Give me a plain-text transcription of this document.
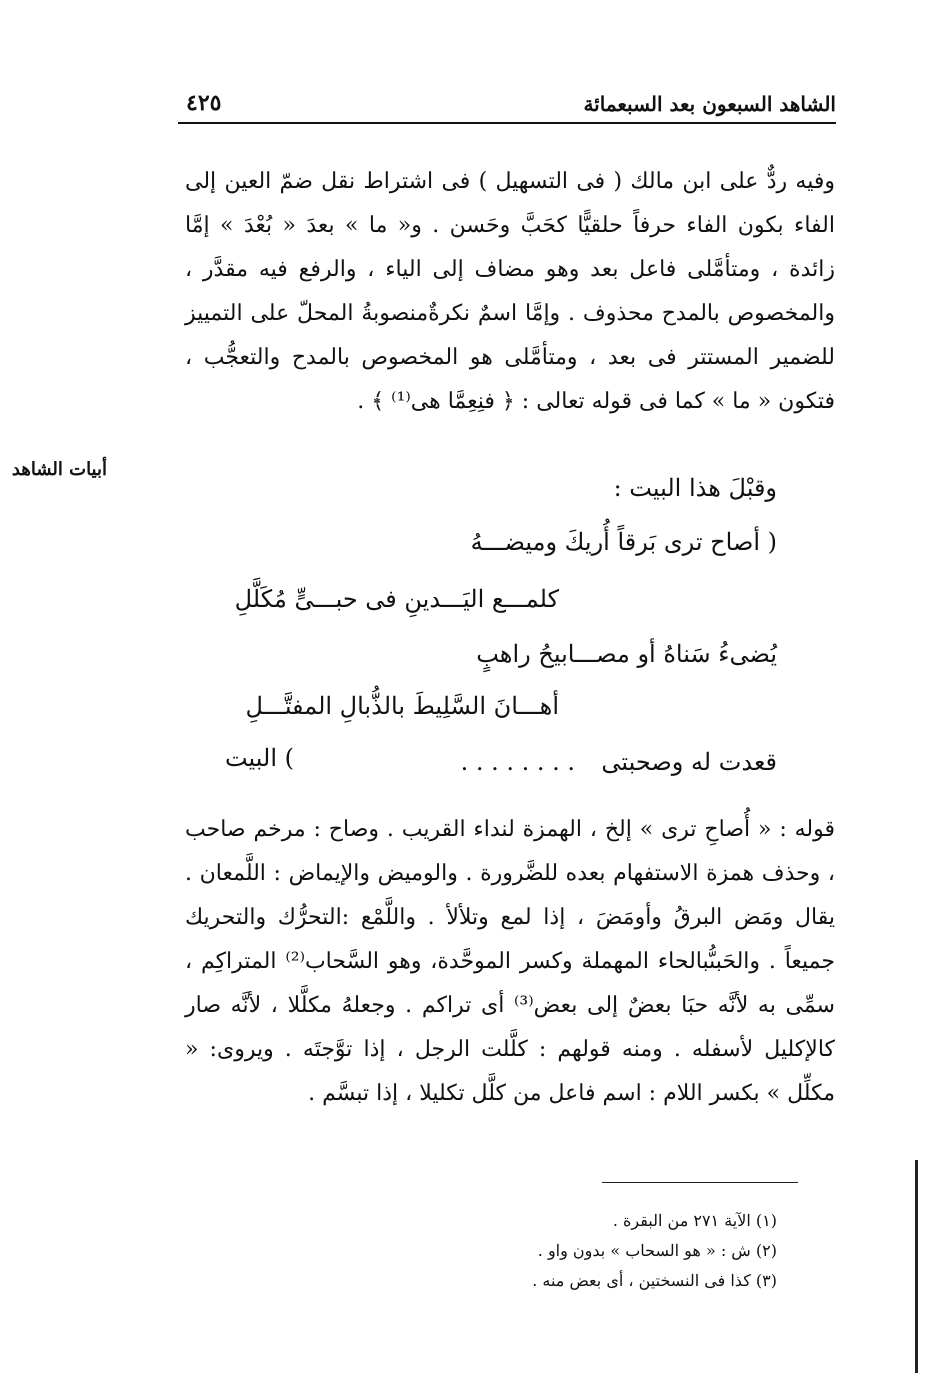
الشاهد السبعون بعد السبعمائة
٤٢٥
وفيه ردٌّ على ابن مالك ( فى التسهيل ) فى اشتراط نقل ضمّ العين إلى الفاء بكون الفاء حرفاً حلقيًّا كحَبَّ وحَسن . و« ما » بعدَ « بُعْدَ » إمَّا زائدة ، ومتأمَّلى فاعل بعد وهو مضاف إلى الياء ، والرفع فيه مقدَّر ، والمخصوص بالمدح محذوف . وإمَّا اسمٌ نكرةٌمنصوبةُ المحلّ على التمييز للضمير المستتر فى بعد ، ومتأمَّلى هو المخصوص بالمدح والتعجُّب ، فتكون « ما » كما فى قوله تعالى : ﴿ فنِعِمَّا هى⁽¹⁾ ﴾ .
أبيات الشاهد
وقبْلَ هذا البيت :
( أصاح ترى بَرقاً أُريكَ وميضـــهُ
كلمـــع اليَـــدينِ فى حبـــىٍّ مُكَلَّلِ
يُضىءُ سَناهُ أو مصـــابيحُ راهبٍ
أهـــانَ السَّلِيطَ بالذُّبالِ المفتَّـــلِ
قعدت له وصحبتى
. . . . . . . .
) البيت
قوله : « أُصاحِ ترى » إلخ ، الهمزة لنداء القريب . وصاح : مرخم صاحب ، وحذف همزة الاستفهام بعده للضَّرورة . والوميض والإيماض : اللَّمعان . يقال ومَض البرقُ وأومَضَ ، إذا لمع وتلألأ . واللَّمْع :التحرُّك والتحريك جميعاً . والحَبىُّبالحاء المهملة وكسر الموحَّدة، وهو السَّحاب⁽²⁾ المتراكِم ، سمِّى به لأنَّه حبَا بعضٌ إلى بعض⁽³⁾ أى تراكم . وجعلهُ مكلَّلا ، لأنَّه صار كالإكليل لأسفله . ومنه قولهم : كلَّلت الرجل ، إذا توَّجتَه . ويروى: « مكلِّل » بكسر اللام : اسم فاعل من كلَّل تكليلا ، إذا تبسَّم .
(١) الآية ٢٧١ من البقرة .
(٢) ش : « هو السحاب » بدون واو .
(٣) كذا فى النسختين ، أى بعض منه .
